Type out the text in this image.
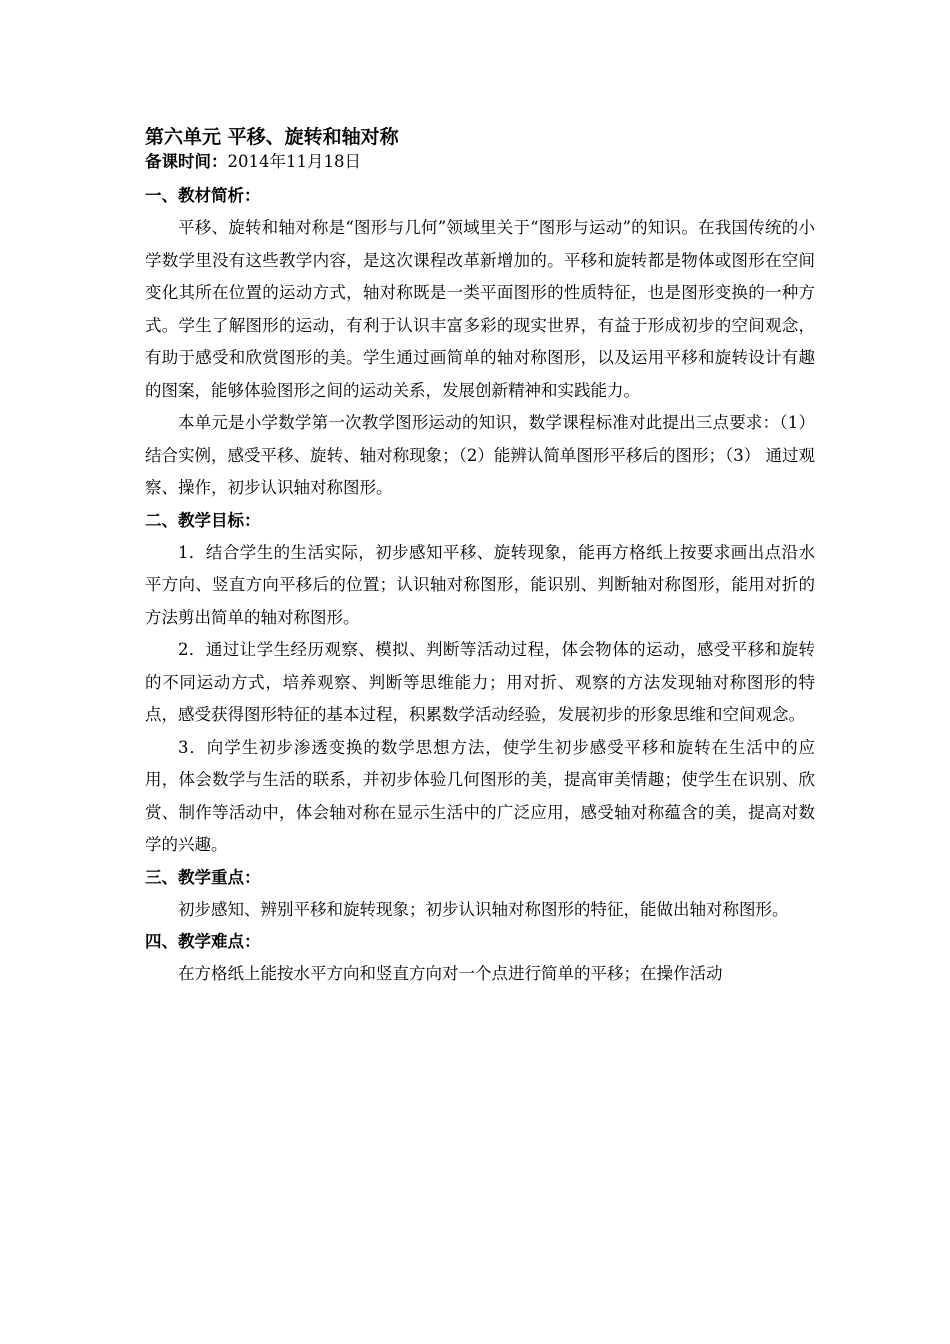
第六单元 平移、旋转和轴对称

备课时间：2014年11月18日

一、教材简析：

平移、旋转和轴对称是“图形与几何”领域里关于“图形与运动”的知识。在我国传统的小学数学里没有这些教学内容，是这次课程改革新增加的。平移和旋转都是物体或图形在空间变化其所在位置的运动方式，轴对称既是一类平面图形的性质特征，也是图形变换的一种方式。学生了解图形的运动，有利于认识丰富多彩的现实世界，有益于形成初步的空间观念，有助于感受和欣赏图形的美。学生通过画简单的轴对称图形，以及运用平移和旋转设计有趣的图案，能够体验图形之间的运动关系，发展创新精神和实践能力。

本单元是小学数学第一次教学图形运动的知识，数学课程标准对此提出三点要求：（1）结合实例，感受平移、旋转、轴对称现象；（2）能辨认简单图形平移后的图形；（3） 通过观察、操作，初步认识轴对称图形。

二、教学目标：

1．结合学生的生活实际，初步感知平移、旋转现象，能再方格纸上按要求画出点沿水平方向、竖直方向平移后的位置；认识轴对称图形，能识别、判断轴对称图形，能用对折的方法剪出简单的轴对称图形。

2．通过让学生经历观察、模拟、判断等活动过程，体会物体的运动，感受平移和旋转的不同运动方式，培养观察、判断等思维能力；用对折、观察的方法发现轴对称图形的特点，感受获得图形特征的基本过程，积累数学活动经验，发展初步的形象思维和空间观念。

3．向学生初步渗透变换的数学思想方法，使学生初步感受平移和旋转在生活中的应用，体会数学与生活的联系，并初步体验几何图形的美，提高审美情趣；使学生在识别、欣赏、制作等活动中，体会轴对称在显示生活中的广泛应用，感受轴对称蕴含的美，提高对数学的兴趣。

三、教学重点：

初步感知、辨别平移和旋转现象；初步认识轴对称图形的特征，能做出轴对称图形。

四、教学难点：

在方格纸上能按水平方向和竖直方向对一个点进行简单的平移；在操作活动
